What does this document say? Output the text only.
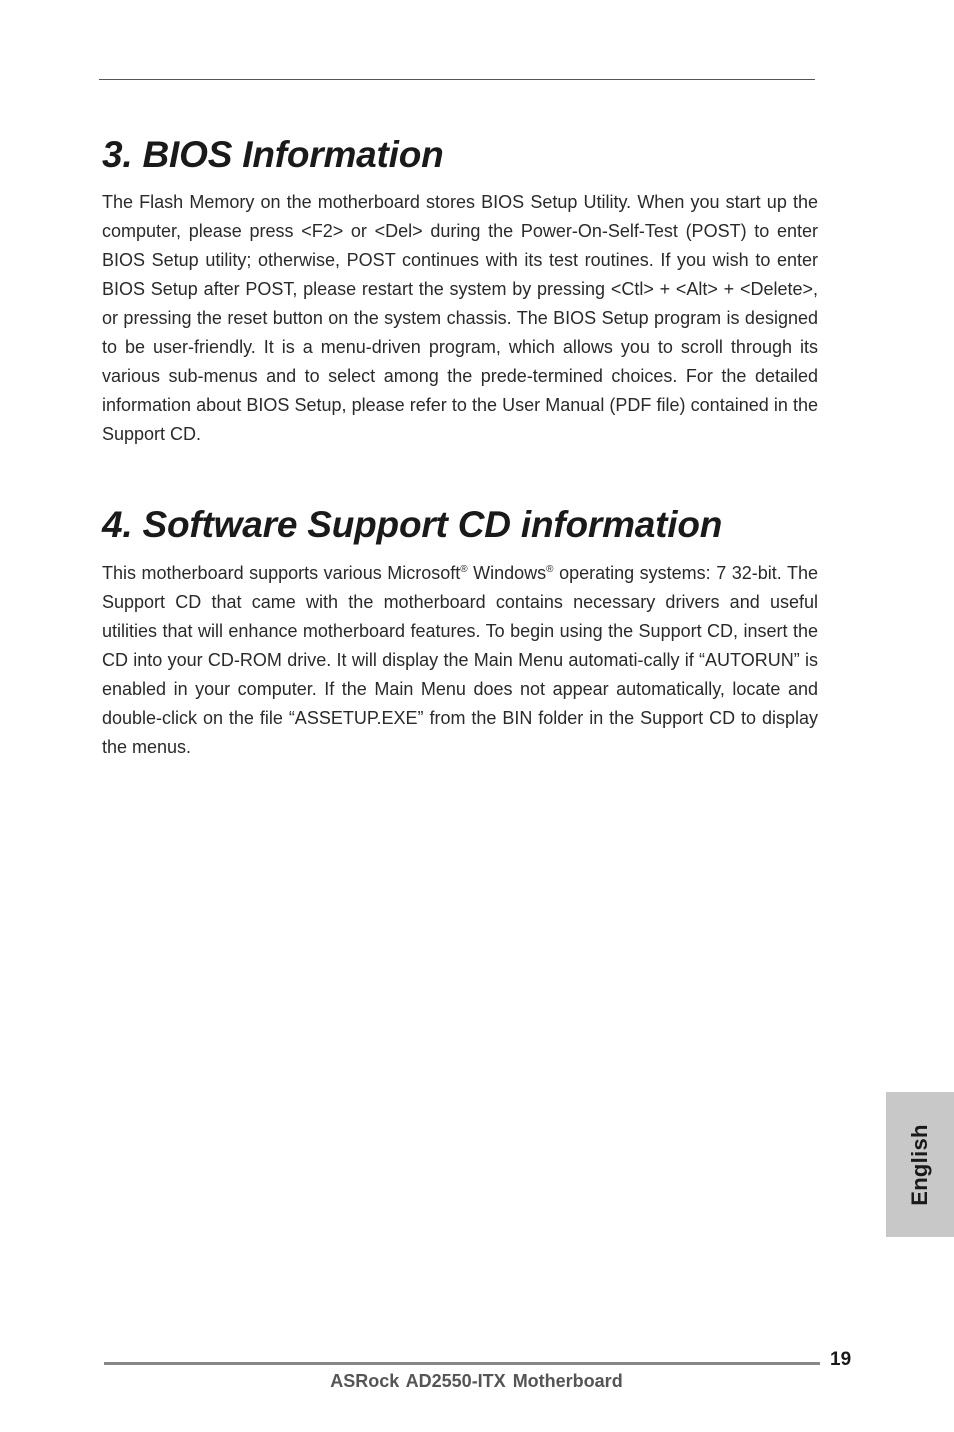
3. BIOS Information

The Flash Memory on the motherboard stores BIOS Setup Utility. When you start up the computer, please press <F2> or <Del> during the Power-On-Self-Test (POST) to enter BIOS Setup utility; otherwise, POST continues with its test routines. If you wish to enter BIOS Setup after POST, please restart the system by pressing <Ctl> + <Alt> + <Delete>, or pressing the reset button on the system chassis. The BIOS Setup program is designed to be user-friendly. It is a menu-driven program, which allows you to scroll through its various sub-menus and to select among the prede-termined choices. For the detailed information about BIOS Setup, please refer to the User Manual (PDF file) contained in the Support CD.

4. Software Support CD information

This motherboard supports various Microsoft® Windows® operating systems: 7 32-bit. The Support CD that came with the motherboard contains necessary drivers and useful utilities that will enhance motherboard features. To begin using the Support CD, insert the CD into your CD-ROM drive. It will display the Main Menu automati-cally if “AUTORUN” is enabled in your computer. If the Main Menu does not appear automatically, locate and double-click on the file “ASSETUP.EXE” from the BIN folder in the Support CD to display the menus.

English
19
ASRock AD2550-ITX Motherboard
